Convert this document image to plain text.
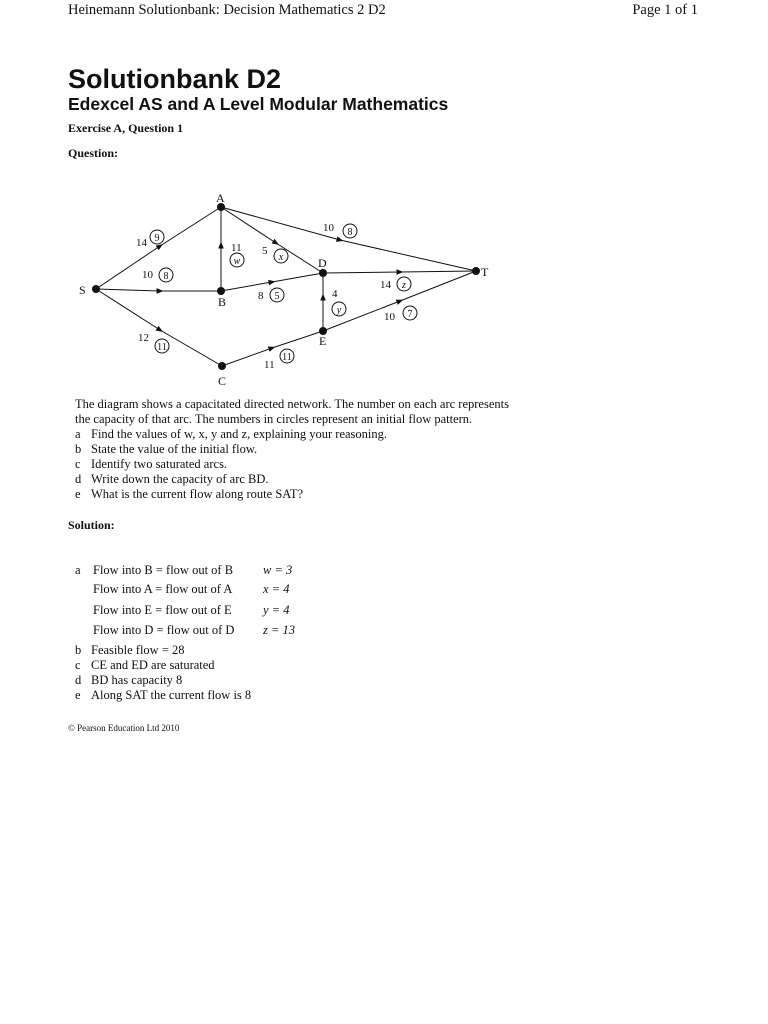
Heinemann Solutionbank: Decision Mathematics 2 D2	Page 1 of 1
Solutionbank D2
Edexcel AS and A Level Modular Mathematics
Exercise A, Question 1
Question:
S
A
B
C
D
E
T
14
10
12
11 5
10
8	4
14
11
10
9
8
11
w	x
8
5
y
z
11
7

The diagram shows a capacitated directed network. The number on each arc represents

the capacity of that arc. The numbers in circles represent an initial flow pattern.

a Find the values of w, x, y and z, explaining your reasoning.

b State the value of the initial flow.

c Identify two saturated arcs.

d Write down the capacity of arc BD.

e What is the current flow along route SAT?

Solution:
a Flow into B = flow out of B w = 3
Flow into A = flow out of A x = 4
Flow into E = flow out of E	y = 4
Flow into D = flow out of D z = 13
b Feasible flow = 28
c CE and ED are saturated
d BD has capacity 8
e Along SAT the current flow is 8
© Pearson Education Ltd 2010
